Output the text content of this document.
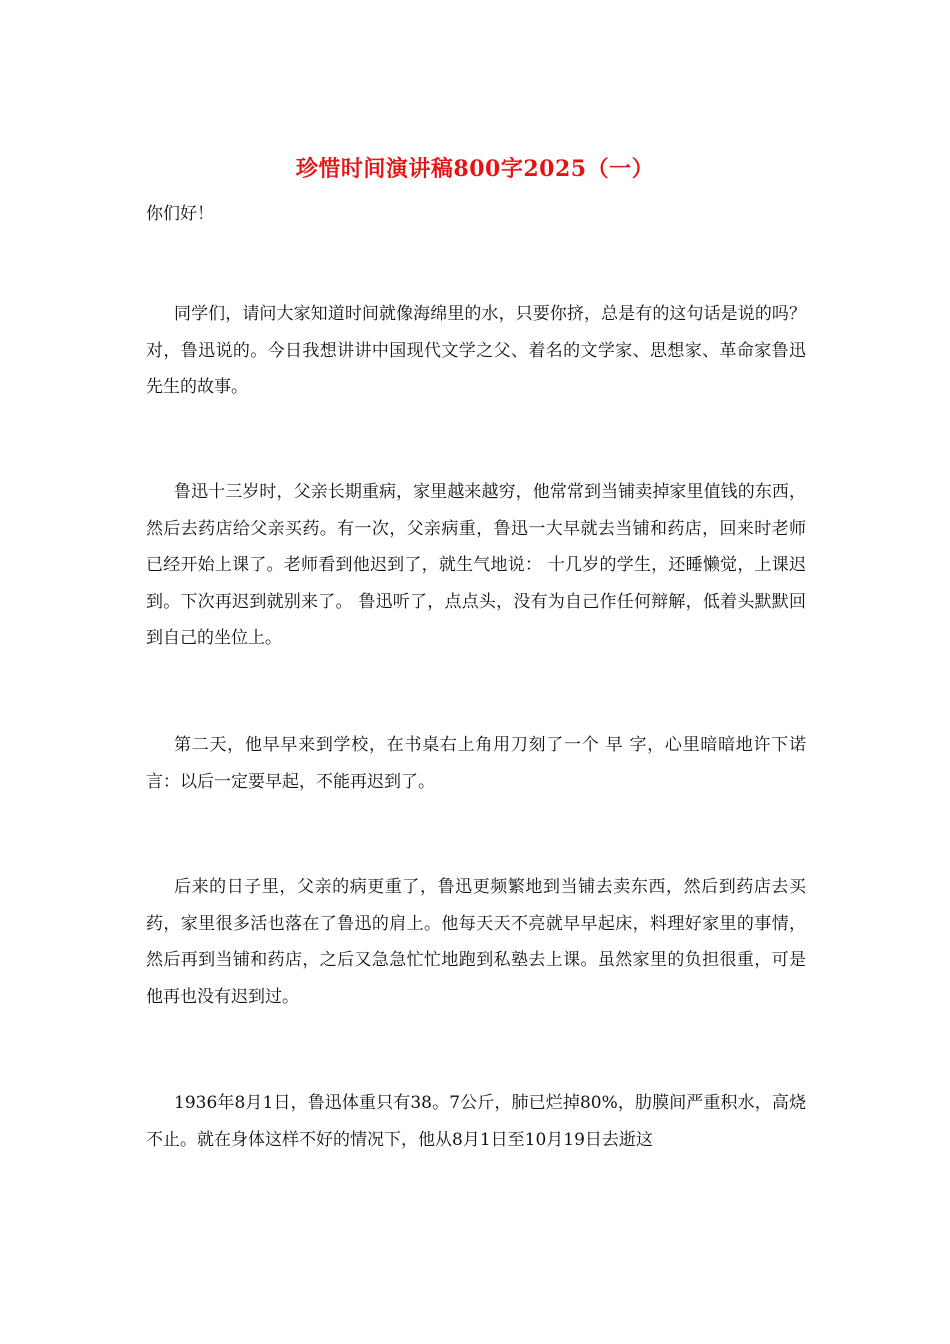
珍惜时间演讲稿800字2025（一）
你们好！

同学们，请问大家知道时间就像海绵里的水，只要你挤，总是有的这句话是说的吗？对，鲁迅说的。今日我想讲讲中国现代文学之父、着名的文学家、思想家、革命家鲁迅先生的故事。

鲁迅十三岁时，父亲长期重病，家里越来越穷，他常常到当铺卖掉家里值钱的东西，然后去药店给父亲买药。有一次，父亲病重，鲁迅一大早就去当铺和药店，回来时老师已经开始上课了。老师看到他迟到了，就生气地说： 十几岁的学生，还睡懒觉，上课迟到。下次再迟到就别来了。 鲁迅听了，点点头，没有为自己作任何辩解，低着头默默回到自己的坐位上。

第二天，他早早来到学校，在书桌右上角用刀刻了一个 早 字，心里暗暗地许下诺言：以后一定要早起，不能再迟到了。

后来的日子里，父亲的病更重了，鲁迅更频繁地到当铺去卖东西，然后到药店去买药，家里很多活也落在了鲁迅的肩上。他每天天不亮就早早起床，料理好家里的事情，然后再到当铺和药店，之后又急急忙忙地跑到私塾去上课。虽然家里的负担很重，可是他再也没有迟到过。

1936年8月1日，鲁迅体重只有38。7公斤，肺已烂掉80%，肋膜间严重积水，高烧不止。就在身体这样不好的情况下，他从8月1日至10月19日去逝这
